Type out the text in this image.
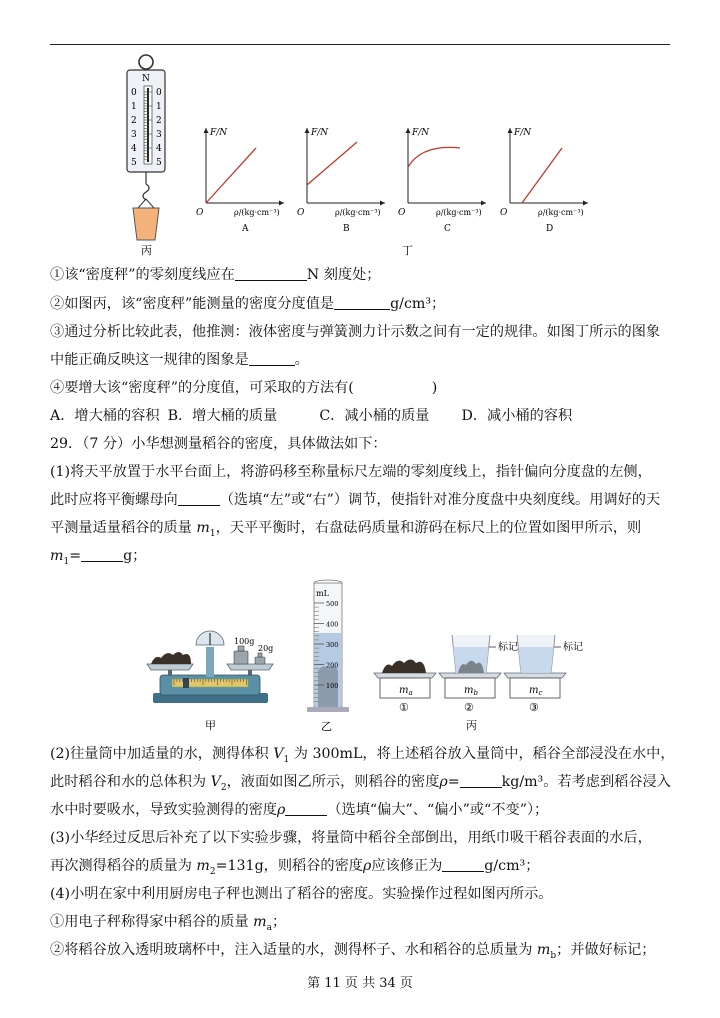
N
0 0
1 1
2 2
3 3
4 4
5 5
丙
F/N
O	ρ/(kg·cm⁻³)
A
F/N
O	ρ/(kg·cm⁻³)
B
F/N
O	ρ/(kg·cm⁻³)
C
F/N
O	ρ/(kg·cm⁻³)
D
丁
①该“密度秤”的零刻度线应在	N 刻度处；
②如图丙，该“密度秤”能测量的密度分度值是	g/cm³；
③通过分析比较此表，他推测：液体密度与弹簧测力计示数之间有一定的规律。如图丁所示的图象
中能正确反映这一规律的图象是	。
④要增大该“密度秤”的分度值，可采取的方法有(	)
A．增大桶的容积 B．增大桶的质量	C．减小桶的质量 D．减小桶的容积
29．（7 分）小华想测量稻谷的密度，具体做法如下：
(1)将天平放置于水平台面上，将游码移至称量标尺左端的零刻度线上，指针偏向分度盘的左侧，
此时应将平衡螺母向	（选填“左”或“右”）调节，使指针对准分度盘中央刻度线。用调好的天
平测量适量稻谷的质量 $m_1$，天平平衡时，右盘砝码质量和游码在标尺上的位置如图甲所示，则
$m_1=$	g；
100g
20g
甲
mL
500
400
300
200
100
乙
$m_a$
①
$m_b$
②
标记
$m_c$
③
标记
丙
(2)往量筒中加适量的水，测得体积 $V_1$ 为 300mL，将上述稻谷放入量筒中，稻谷全部浸没在水中，
此时稻谷和水的总体积为 $V_2$，液面如图乙所示，则稻谷的密度ρ=	kg/m³。若考虑到稻谷浸入
水中时要吸水，导致实验测得的密度ρ	（选填“偏大”、“偏小”或“不变”）；
(3)小华经过反思后补充了以下实验步骤，将量筒中稻谷全部倒出，用纸巾吸干稻谷表面的水后，
再次测得稻谷的质量为 $m_2=131g$，则稻谷的密度ρ应该修正为	g/cm³；
(4)小明在家中利用厨房电子秤也测出了稻谷的密度。实验操作过程如图丙所示。
①用电子秤称得家中稻谷的质量 $m_a$；
②将稻谷放入透明玻璃杯中，注入适量的水，测得杯子、水和稻谷的总质量为 $m_b$；并做好标记；
第 11 页 共 34 页
